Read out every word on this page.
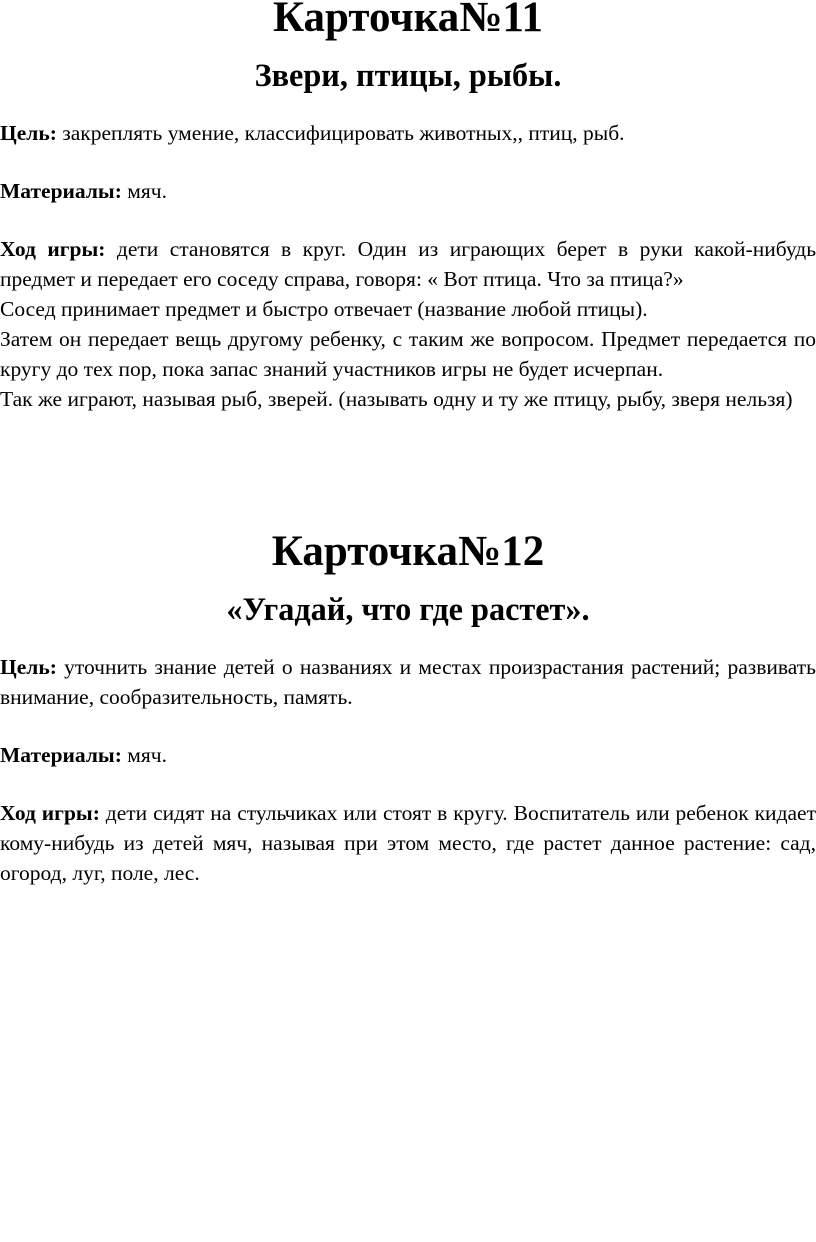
Карточка№11
Звери, птицы, рыбы.

Цель: закреплять умение, классифицировать животных,, птиц, рыб.

Материалы: мяч.

Ход игры: дети становятся в круг. Один из играющих берет в руки какой-нибудь предмет и передает его соседу справа, говоря: « Вот птица. Что за птица?»

Сосед принимает предмет и быстро отвечает (название любой птицы).

Затем он передает вещь другому ребенку, с таким же вопросом. Предмет передается по кругу до тех пор, пока запас знаний участников игры не будет исчерпан.

Так же играют, называя рыб, зверей. (называть одну и ту же птицу, рыбу, зверя нельзя)

Карточка№12
«Угадай, что где растет».

Цель: уточнить знание детей о названиях и местах произрастания растений; развивать внимание, сообразительность, память.

Материалы: мяч.

Ход игры: дети сидят на стульчиках или стоят в кругу. Воспитатель или ребенок кидает кому-нибудь из детей мяч, называя при этом место, где растет данное растение: сад, огород, луг, поле, лес.
